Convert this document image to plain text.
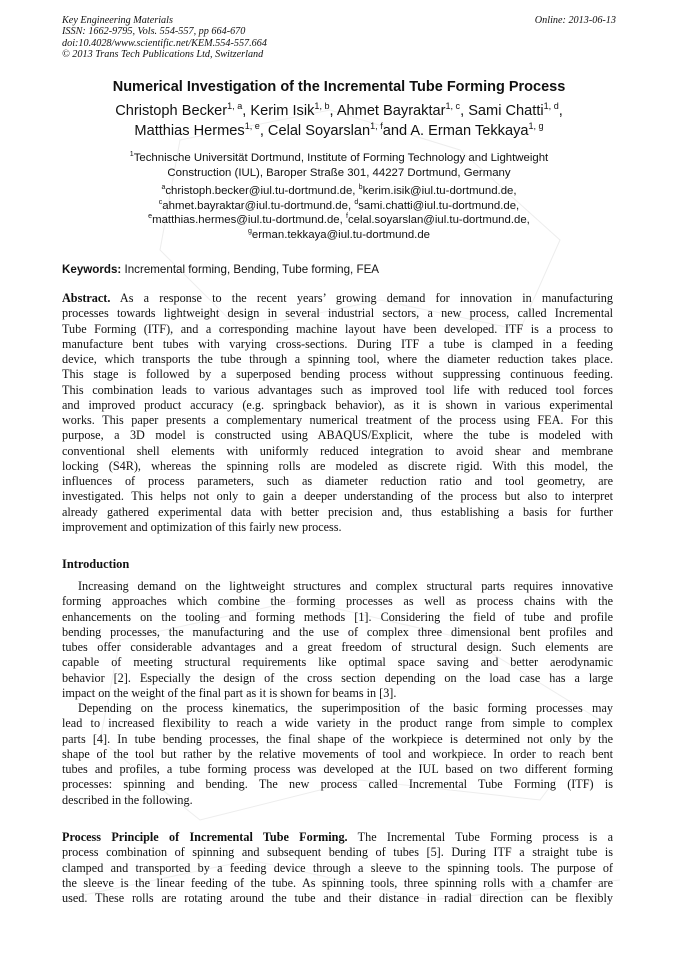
Key Engineering Materials
ISSN: 1662-9795, Vols. 554-557, pp 664-670
doi:10.4028/www.scientific.net/KEM.554-557.664
© 2013 Trans Tech Publications Ltd, Switzerland
Online: 2013-06-13
Numerical Investigation of the Incremental Tube Forming Process
Christoph Becker$^{1, a}$, Kerim Isik$^{1, b}$, Ahmet Bayraktar$^{1, c}$, Sami Chatti$^{1, d}$,
Matthias Hermes$^{1, e}$, Celal Soyarslan$^{1, f}$and A. Erman Tekkaya$^{1, g}$
$^1$Technische Universität Dortmund, Institute of Forming Technology and Lightweight
Construction (IUL), Baroper Straße 301, 44227 Dortmund, Germany
$^a$christoph.becker@iul.tu-dortmund.de, $^b$kerim.isik@iul.tu-dortmund.de,
$^c$ahmet.bayraktar@iul.tu-dortmund.de, $^d$sami.chatti@iul.tu-dortmund.de,
$^e$matthias.hermes@iul.tu-dortmund.de, $^f$celal.soyarslan@iul.tu-dortmund.de,
$^g$erman.tekkaya@iul.tu-dortmund.de
Keywords: Incremental forming, Bending, Tube forming, FEA
Abstract. As a response to the recent years’ growing demand for innovation in manufacturing
processes towards lightweight design in several industrial sectors, a new process, called Incremental
Tube Forming (ITF), and a corresponding machine layout have been developed. ITF is a process to
manufacture bent tubes with varying cross-sections. During ITF a tube is clamped in a feeding
device, which transports the tube through a spinning tool, where the diameter reduction takes place.
This stage is followed by a superposed bending process without suppressing continuous feeding.
This combination leads to various advantages such as improved tool life with reduced tool forces
and improved product accuracy (e.g. springback behavior), as it is shown in various experimental
works. This paper presents a complementary numerical treatment of the process using FEA. For this
purpose, a 3D model is constructed using ABAQUS/Explicit, where the tube is modeled with
conventional shell elements with uniformly reduced integration to avoid shear and membrane
locking (S4R), whereas the spinning rolls are modeled as discrete rigid. With this model, the
influences of process parameters, such as diameter reduction ratio and tool geometry, are
investigated. This helps not only to gain a deeper understanding of the process but also to interpret
already gathered experimental data with better precision and, thus establishing a basis for further
improvement and optimization of this fairly new process.
Introduction
Increasing demand on the lightweight structures and complex structural parts requires innovative
forming approaches which combine the forming processes as well as process chains with the
enhancements on the tooling and forming methods [1]. Considering the field of tube and profile
bending processes, the manufacturing and the use of complex three dimensional bent profiles and
tubes offer considerable advantages and a great freedom of structural design. Such elements are
capable of meeting structural requirements like optimal space saving and better aerodynamic
behavior [2]. Especially the design of the cross section depending on the load case has a large
impact on the weight of the final part as it is shown for beams in [3].
Depending on the process kinematics, the superimposition of the basic forming processes may
lead to increased flexibility to reach a wide variety in the product range from simple to complex
parts [4]. In tube bending processes, the final shape of the workpiece is determined not only by the
shape of the tool but rather by the relative movements of tool and workpiece. In order to reach bent
tubes and profiles, a tube forming process was developed at the IUL based on two different forming
processes: spinning and bending. The new process called Incremental Tube Forming (ITF) is
described in the following.
Process Principle of Incremental Tube Forming. The Incremental Tube Forming process is a
process combination of spinning and subsequent bending of tubes [5]. During ITF a straight tube is
clamped and transported by a feeding device through a sleeve to the spinning tools. The purpose of
the sleeve is the linear feeding of the tube. As spinning tools, three spinning rolls with a chamfer are
used. These rolls are rotating around the tube and their distance in radial direction can be flexibly
